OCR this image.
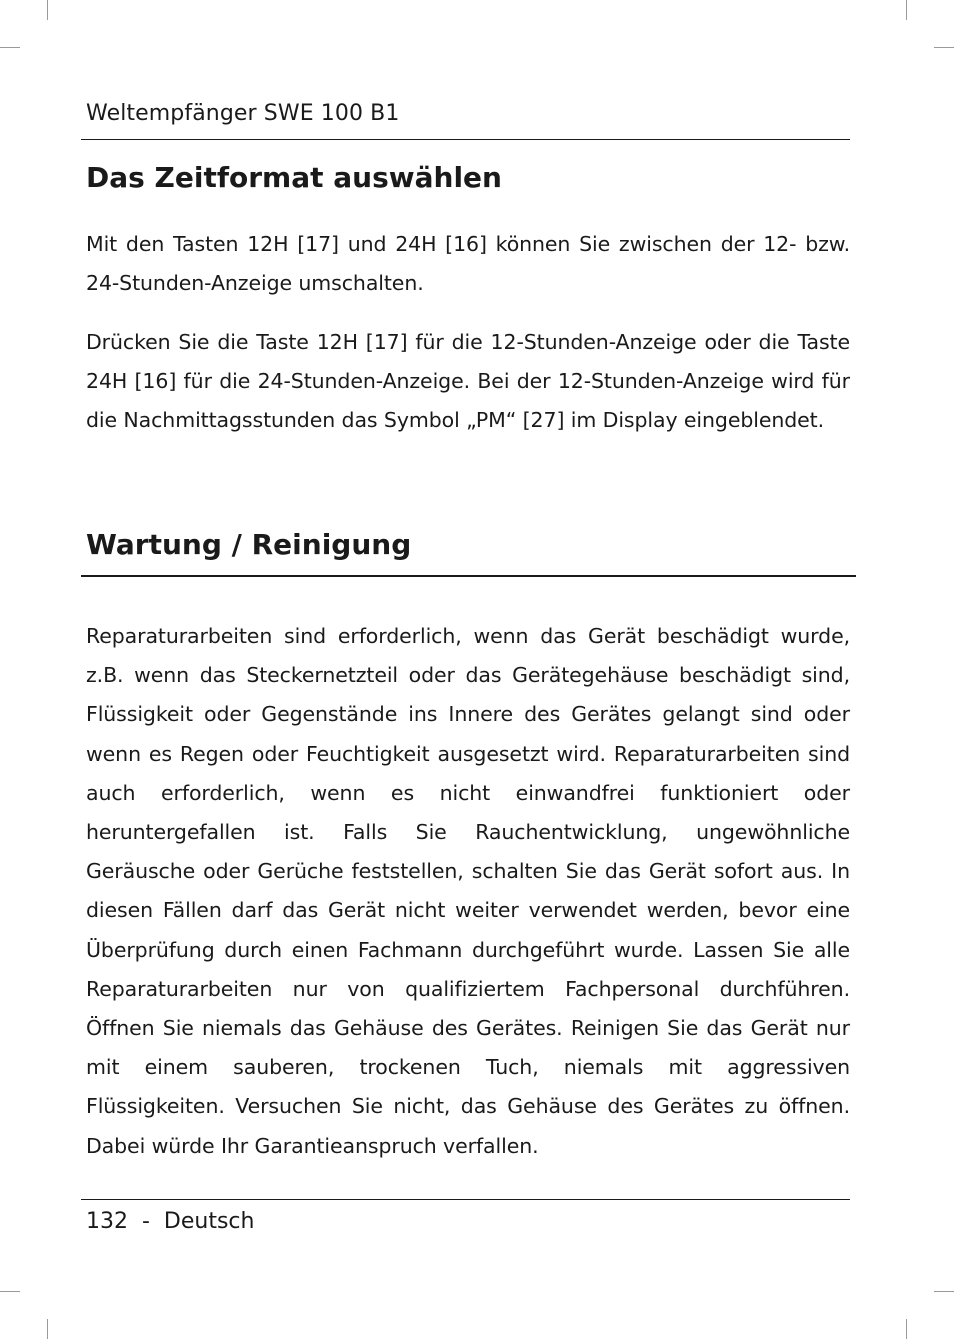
Weltempfänger SWE 100 B1
Das Zeitformat auswählen

Mit den Tasten 12H [17] und 24H [16] können Sie zwischen der 12- bzw. 24-Stunden-Anzeige umschalten.

Drücken Sie die Taste 12H [17] für die 12-Stunden-Anzeige oder die Taste 24H [16] für die 24-Stunden-Anzeige. Bei der 12-Stunden-Anzeige wird für die Nachmittagsstunden das Symbol „PM“ [27] im Display eingeblendet.

Wartung / Reinigung

Reparaturarbeiten sind erforderlich, wenn das Gerät beschädigt wurde, z.B. wenn das Steckernetzteil oder das Gerätegehäuse beschädigt sind, Flüssigkeit oder Gegenstände ins Innere des Gerätes gelangt sind oder wenn es Regen oder Feuchtigkeit ausgesetzt wird. Reparaturarbeiten sind auch erforderlich, wenn es nicht einwandfrei funktioniert oder heruntergefallen ist. Falls Sie Rauchentwicklung, ungewöhnliche Geräusche oder Gerüche feststellen, schalten Sie das Gerät sofort aus. In diesen Fällen darf das Gerät nicht weiter verwendet werden, bevor eine Überprüfung durch einen Fachmann durchgeführt wurde. Lassen Sie alle Reparaturarbeiten nur von qualifiziertem Fachpersonal durchführen. Öffnen Sie niemals das Gehäuse des Gerätes. Reinigen Sie das Gerät nur mit einem sauberen, trockenen Tuch, niemals mit aggressiven Flüssigkeiten. Versuchen Sie nicht, das Gehäuse des Gerätes zu öffnen. Dabei würde Ihr Garantieanspruch verfallen.

132  -  Deutsch
